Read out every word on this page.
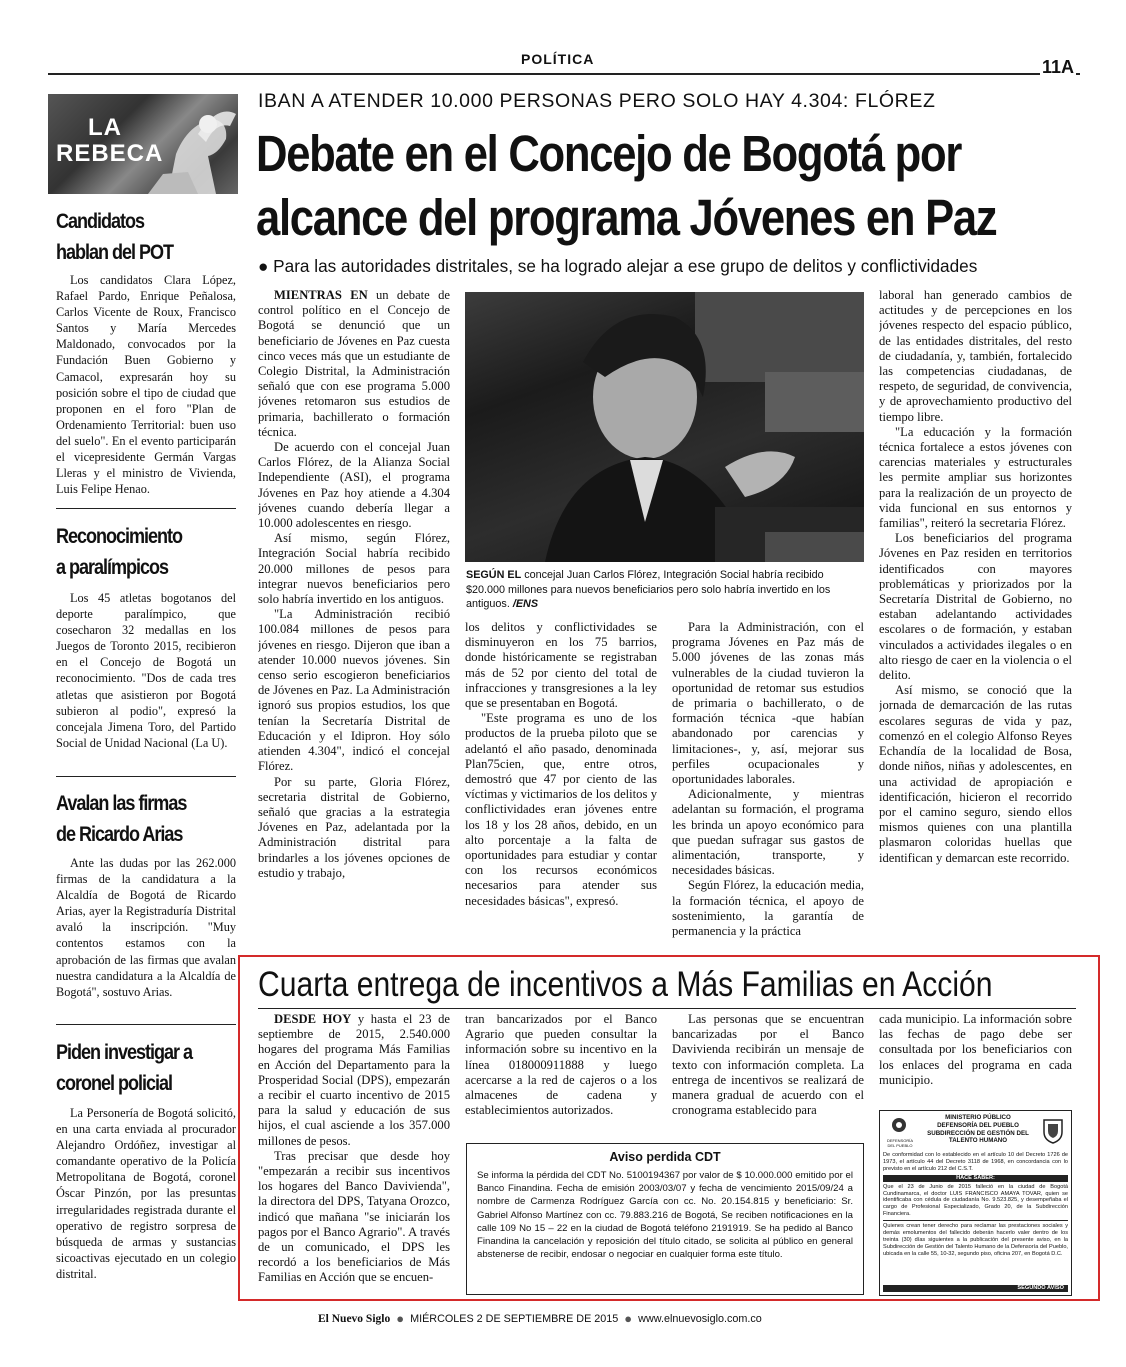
POLÍTICA	11A
LA
REBECA
Candidatos
hablan del POT
Los candidatos Clara López, Rafael Pardo, Enrique Peñalosa, Carlos Vicente de Roux, Francisco Santos y María Mercedes Maldonado, convocados por la Fundación Buen Gobierno y Camacol, expresarán hoy su posición sobre el tipo de ciudad que proponen en el foro "Plan de Ordenamiento Territorial: buen uso del suelo". En el evento participarán el vicepresidente Germán Vargas Lleras y el ministro de Vivienda, Luis Felipe Henao.
Reconocimiento
a paralímpicos
Los 45 atletas bogotanos del deporte paralímpico, que cosecharon 32 medallas en los Juegos de Toronto 2015, recibieron en el Concejo de Bogotá un reconocimiento. "Dos de cada tres atletas que asistieron por Bogotá subieron al podio", expresó la concejala Jimena Toro, del Partido Social de Unidad Nacional (La U).
Avalan las firmas
de Ricardo Arias
Ante las dudas por las 262.000 firmas de la candidatura a la Alcaldía de Bogotá de Ricardo Arias, ayer la Registraduría Distrital avaló la inscripción. "Muy contentos estamos con la aprobación de las firmas que avalan nuestra candidatura a la Alcaldía de Bogotá", sostuvo Arias.
Piden investigar a
coronel policial
La Personería de Bogotá solicitó, en una carta enviada al procurador Alejandro Ordóñez, investigar al comandante operativo de la Policía Metropolitana de Bogotá, coronel Óscar Pinzón, por las presuntas irregularidades registrada durante el operativo de registro sorpresa de búsqueda de armas y sustancias sicoactivas ejecutado en un colegio distrital.
IBAN A ATENDER 10.000 PERSONAS PERO SOLO HAY 4.304: FLÓREZ
Debate en el Concejo de Bogotá por
alcance del programa Jóvenes en Paz
● Para las autoridades distritales, se ha logrado alejar a ese grupo de delitos y conflictividades

MIENTRAS EN un debate de control político en el Concejo de Bogotá se denunció que un beneficiario de Jóvenes en Paz cuesta cinco veces más que un estudiante de Colegio Distrital, la Administración señaló que con ese programa 5.000 jóvenes retomaron sus estudios de primaria, bachillerato o formación técnica.

De acuerdo con el concejal Juan Carlos Flórez, de la Alianza Social Independiente (ASI), el programa Jóvenes en Paz hoy atiende a 4.304 jóvenes cuando debería llegar a 10.000 adolescentes en riesgo.

Así mismo, según Flórez, Integración Social habría recibido 20.000 millones de pesos para integrar nuevos beneficiarios pero solo habría invertido en los antiguos.

"La Administración recibió 100.084 millones de pesos para jóvenes en riesgo. Dijeron que iban a atender 10.000 nuevos jóvenes. Sin censo serio escogieron beneficiarios de Jóvenes en Paz. La Administración ignoró sus propios estudios, los que tenían la Secretaría Distrital de Educación y el Idipron. Hoy sólo atienden 4.304", indicó el concejal Flórez.

Por su parte, Gloria Flórez, secretaria distrital de Gobierno, señaló que gracias a la estrategia Jóvenes en Paz, adelantada por la Administración distrital para brindarles a los jóvenes opciones de estudio y trabajo,

SEGÚN EL concejal Juan Carlos Flórez, Integración Social habría recibido $20.000 millones para nuevos beneficiarios pero solo habría invertido en los antiguos. /ENS

los delitos y conflictividades se disminuyeron en los 75 barrios, donde históricamente se registraban más de 52 por ciento del total de infracciones y transgresiones a la ley que se presentaban en Bogotá.

"Este programa es uno de los productos de la prueba piloto que se adelantó el año pasado, denominada Plan75cien, que, entre otros, demostró que 47 por ciento de las víctimas y victimarios de los delitos y conflictividades eran jóvenes entre los 18 y los 28 años, debido, en un alto porcentaje a la falta de oportunidades para estudiar y contar con los recursos económicos necesarios para atender sus necesidades básicas", expresó.

Para la Administración, con el programa Jóvenes en Paz más de 5.000 jóvenes de las zonas más vulnerables de la ciudad tuvieron la oportunidad de retomar sus estudios de primaria o bachillerato, o de formación técnica -que habían abandonado por carencias y limitaciones-, y, así, mejorar sus perfiles ocupacionales y oportunidades laborales.

Adicionalmente, y mientras adelantan su formación, el programa les brinda un apoyo económico para que puedan sufragar sus gastos de alimentación, transporte, y necesidades básicas.

Según Flórez, la educación media, la formación técnica, el apoyo de sostenimiento, la garantía de permanencia y la práctica

laboral han generado cambios de actitudes y de percepciones en los jóvenes respecto del espacio público, de las entidades distritales, del resto de ciudadanía, y, también, fortalecido las competencias ciudadanas, de respeto, de seguridad, de convivencia, y de aprovechamiento productivo del tiempo libre.

"La educación y la formación técnica fortalece a estos jóvenes con carencias materiales y estructurales les permite ampliar sus horizontes para la realización de un proyecto de vida funcional en sus entornos y familias", reiteró la secretaria Flórez.

Los beneficiarios del programa Jóvenes en Paz residen en territorios identificados con mayores problemáticas y priorizados por la Secretaría Distrital de Gobierno, no estaban adelantando actividades escolares o de formación, y estaban vinculados a actividades ilegales o en alto riesgo de caer en la violencia o el delito.

Así mismo, se conoció que la jornada de demarcación de las rutas escolares seguras de vida y paz, comenzó en el colegio Alfonso Reyes Echandía de la localidad de Bosa, donde niños, niñas y adolescentes, en una actividad de apropiación e identificación, hicieron el recorrido por el camino seguro, siendo ellos mismos quienes con una plantilla plasmaron coloridas huellas que identifican y demarcan este recorrido.

Cuarta entrega de incentivos a Más Familias en Acción

DESDE HOY y hasta el 23 de septiembre de 2015, 2.540.000 hogares del programa Más Familias en Acción del Departamento para la Prosperidad Social (DPS), empezarán a recibir el cuarto incentivo de 2015 para la salud y educación de sus hijos, el cual asciende a los 357.000 millones de pesos.

Tras precisar que desde hoy "empezarán a recibir sus incentivos los hogares del Banco Davivienda", la directora del DPS, Tatyana Orozco, indicó que mañana "se iniciarán los pagos por el Banco Agrario". A través de un comunicado, el DPS les recordó a los beneficiarios de Más Familias en Acción que se encuen-

tran bancarizados por el Banco Agrario que pueden consultar la información sobre su incentivo en la línea 018000911888 y luego acercarse a la red de cajeros o a los almacenes de cadena y establecimientos autorizados.

Las personas que se encuentran bancarizadas por el Banco Davivienda recibirán un mensaje de texto con información completa. La entrega de incentivos se realizará de manera gradual de acuerdo con el cronograma establecido para

cada municipio. La información sobre las fechas de pago debe ser consultada por los beneficiarios con los enlaces del programa en cada municipio.

Aviso perdida CDT
Se informa la pérdida del CDT No. 5100194367 por valor de $ 10.000.000 emitido por el Banco Finandina. Fecha de emisión 2003/03/07 y fecha de vencimiento 2015/09/24 a nombre de Carmenza Rodríguez García con cc. No. 20.154.815 y beneficiario: Sr. Gabriel Alfonso Martínez con cc. 79.883.216 de Bogotá, Se reciben notificaciones en la calle 109 No 15 – 22 en la ciudad de Bogotá teléfono 2191919. Se ha pedido al Banco Finandina la cancelación y reposición del título citado, se solicita al público en general abstenerse de recibir, endosar o negociar en cualquier forma este título.
DEFENSORÍA DEL PUEBLO
MINISTERIO PÚBLICO
DEFENSORÍA DEL PUEBLO
SUBDIRECCIÓN DE GESTIÓN DEL
TALENTO HUMANO
De conformidad con lo establecido en el artículo 10 del Decreto 1726 de 1973, el artículo 44 del Decreto 3118 de 1968, en concordancia con lo previsto en el artículo 212 del C.S.T.
HACE SABER:
Que el 23 de Junio de 2015 falleció en la ciudad de Bogotá Cundinamarca, el doctor LUIS FRANCISCO AMAYA TOVAR, quien se identificaba con cédula de ciudadanía No. 9.523.825, y desempeñaba el cargo de Profesional Especializado, Grado 20, de la Subdirección Financiera.
Quienes crean tener derecho para reclamar las prestaciones sociales y demás emolumentos del fallecido deberán hacerlo valer dentro de los treinta (30) días siguientes a la publicación del presente aviso, en la Subdirección de Gestión del Talento Humano de la Defensoría del Pueblo, ubicada en la calle 55, 10-32, segundo piso, oficina 207, en Bogotá D.C.
SEGUNDO AVISO
El Nuevo Siglo ● MIÉRCOLES 2 DE SEPTIEMBRE DE 2015 ● www.elnuevosiglo.com.co
